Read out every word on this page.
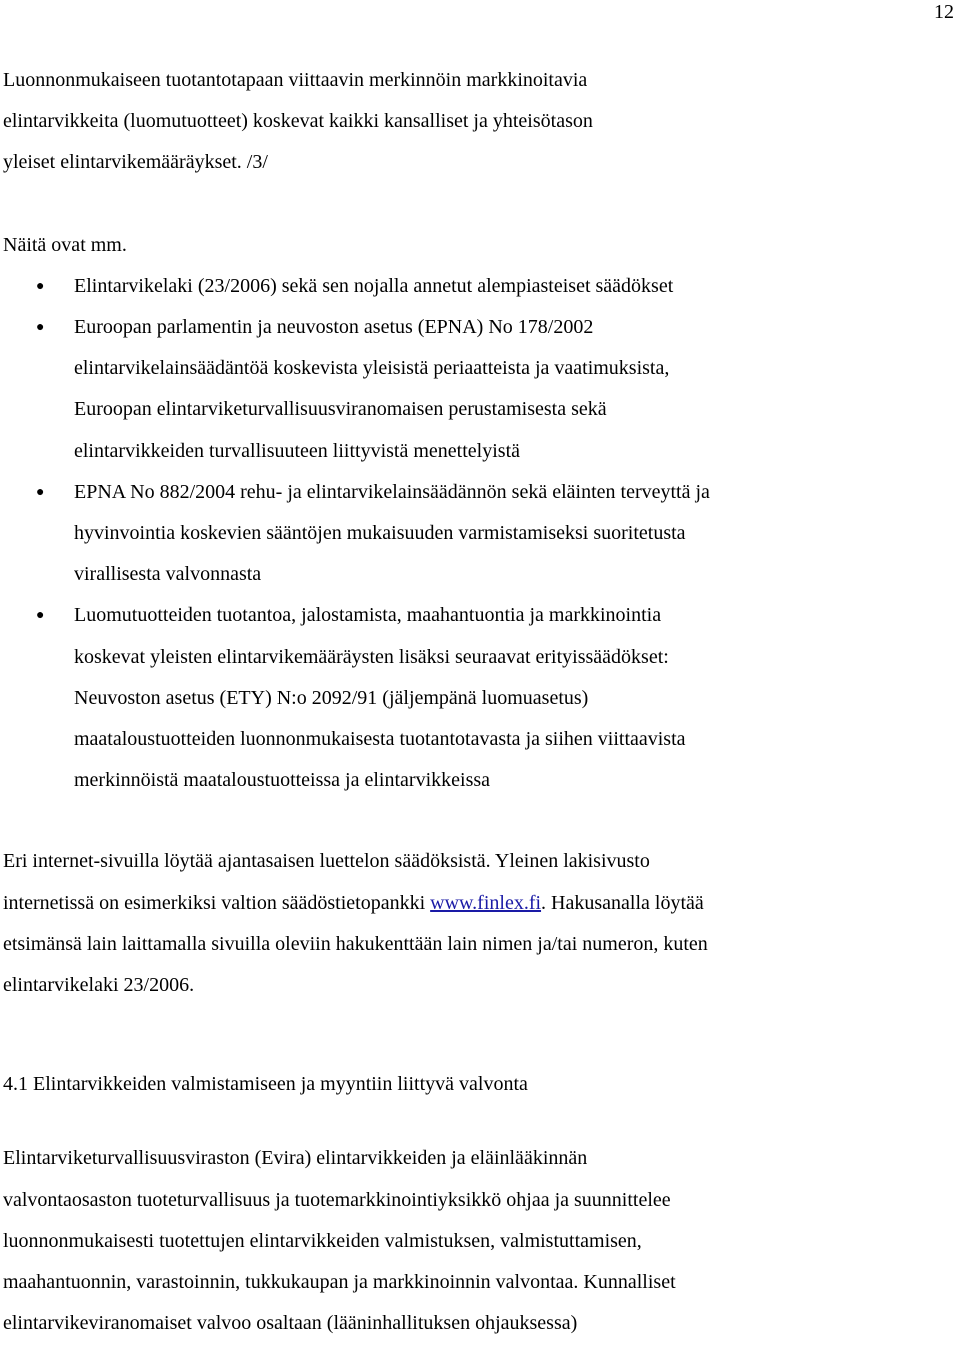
12

Luonnonmukaiseen tuotantotapaan viittaavin merkinnöin markkinoitavia
elintarvikkeita (luomutuotteet) koskevat kaikki kansalliset ja yhteisötason
yleiset elintarvikemääräykset. /3/

Näitä ovat mm.

● Elintarvikelaki (23/2006) sekä sen nojalla annetut alempiasteiset säädökset
● Euroopan parlamentin ja neuvoston asetus (EPNA) No 178/2002
elintarvikelainsäädäntöä koskevista yleisistä periaatteista ja vaatimuksista,
Euroopan elintarviketurvallisuusviranomaisen perustamisesta sekä
elintarvikkeiden turvallisuuteen liittyvistä menettelyistä
● EPNA No 882/2004 rehu- ja elintarvikelainsäädännön sekä eläinten terveyttä ja
hyvinvointia koskevien sääntöjen mukaisuuden varmistamiseksi suoritetusta
virallisesta valvonnasta
● Luomutuotteiden tuotantoa, jalostamista, maahantuontia ja markkinointia
koskevat yleisten elintarvikemääräysten lisäksi seuraavat erityissäädökset:
Neuvoston asetus (ETY) N:o 2092/91 (jäljempänä luomuasetus)
maataloustuotteiden luonnonmukaisesta tuotantotavasta ja siihen viittaavista
merkinnöistä maataloustuotteissa ja elintarvikkeissa

Eri internet-sivuilla löytää ajantasaisen luettelon säädöksistä. Yleinen lakisivusto
internetissä on esimerkiksi valtion säädöstietopankki www.finlex.fi. Hakusanalla löytää
etsimänsä lain laittamalla sivuilla oleviin hakukenttään lain nimen ja/tai numeron, kuten
elintarvikelaki 23/2006.

4.1 Elintarvikkeiden valmistamiseen ja myyntiin liittyvä valvonta

Elintarviketurvallisuusviraston (Evira) elintarvikkeiden ja eläinlääkinnän
valvontaosaston tuoteturvallisuus ja tuotemarkkinointiyksikkö ohjaa ja suunnittelee
luonnonmukaisesti tuotettujen elintarvikkeiden valmistuksen, valmistuttamisen,
maahantuonnin, varastoinnin, tukkukaupan ja markkinoinnin valvontaa. Kunnalliset
elintarvikeviranomaiset valvoo osaltaan (lääninhallituksen ohjauksessa)
